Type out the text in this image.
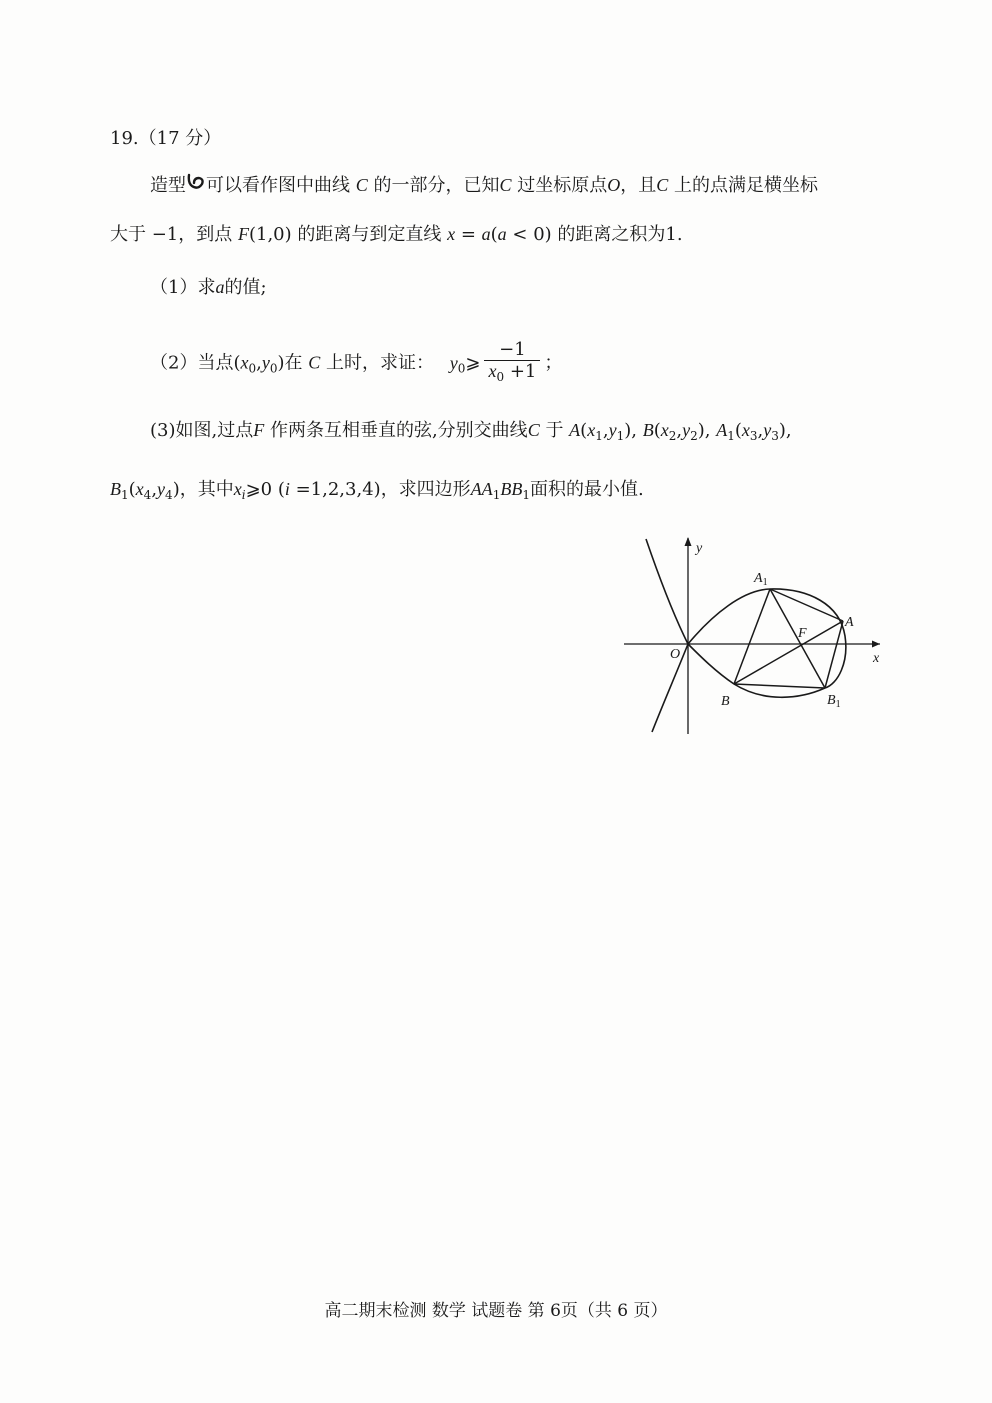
19.（17 分）
造型 可以看作图中曲线 C 的一部分，已知C 过坐标原点O，且C 上的点满足横坐标
大于 −1，到点 F(1,0) 的距离与到定直线 x = a(a < 0) 的距离之积为1.
（1）求a的值;
（2）当点$(x_0,y_0)$在 C 上时，求证： $y_0⩾ \frac{-1}{x_0 +1}$ ；
(3)如图,过点F 作两条互相垂直的弦,分别交曲线C 于 $A(x_1,y_1)$, $B(x_2,y_2)$, $A_1(x_3,y_3)$,
$B_1(x_4,y_4)$，其中$x_i⩾0$ (i =1,2,3,4)，求四边形$AA_1BB_1$面积的最小值.
y
x
O
F
A
$A_1$
B	$B_1$
高二期末检测 数学 试题卷 第 6页（共 6 页）
